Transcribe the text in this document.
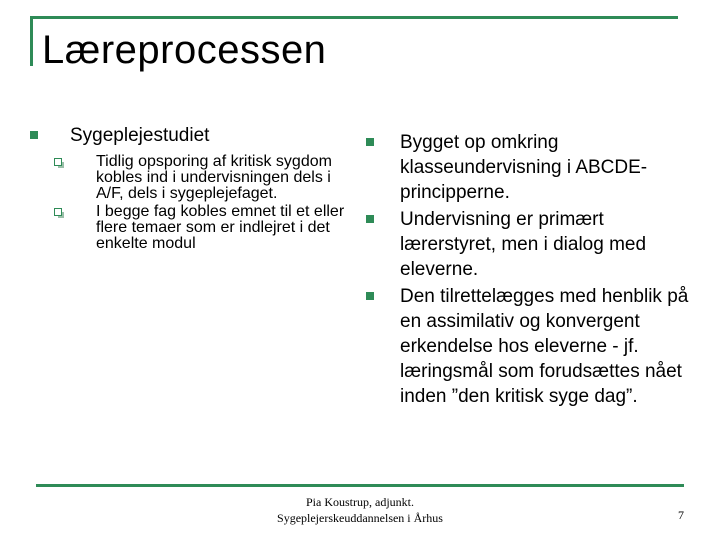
Læreprocessen
Sygeplejestudiet
Tidlig opsporing af kritisk sygdom kobles ind i undervisningen dels i A/F, dels i sygeplejefaget.
I begge fag kobles emnet til et eller flere temaer som er indlejret i det enkelte modul
Bygget op omkring klasseundervisning i ABCDE-principperne.
Undervisning er primært lærerstyret, men i dialog med eleverne.
Den tilrettelægges med henblik på en assimilativ og konvergent erkendelse hos eleverne - jf. læringsmål som forudsættes nået inden ”den kritisk syge dag”.
Pia Koustrup, adjunkt.
Sygeplejerskeuddannelsen i Århus	7
